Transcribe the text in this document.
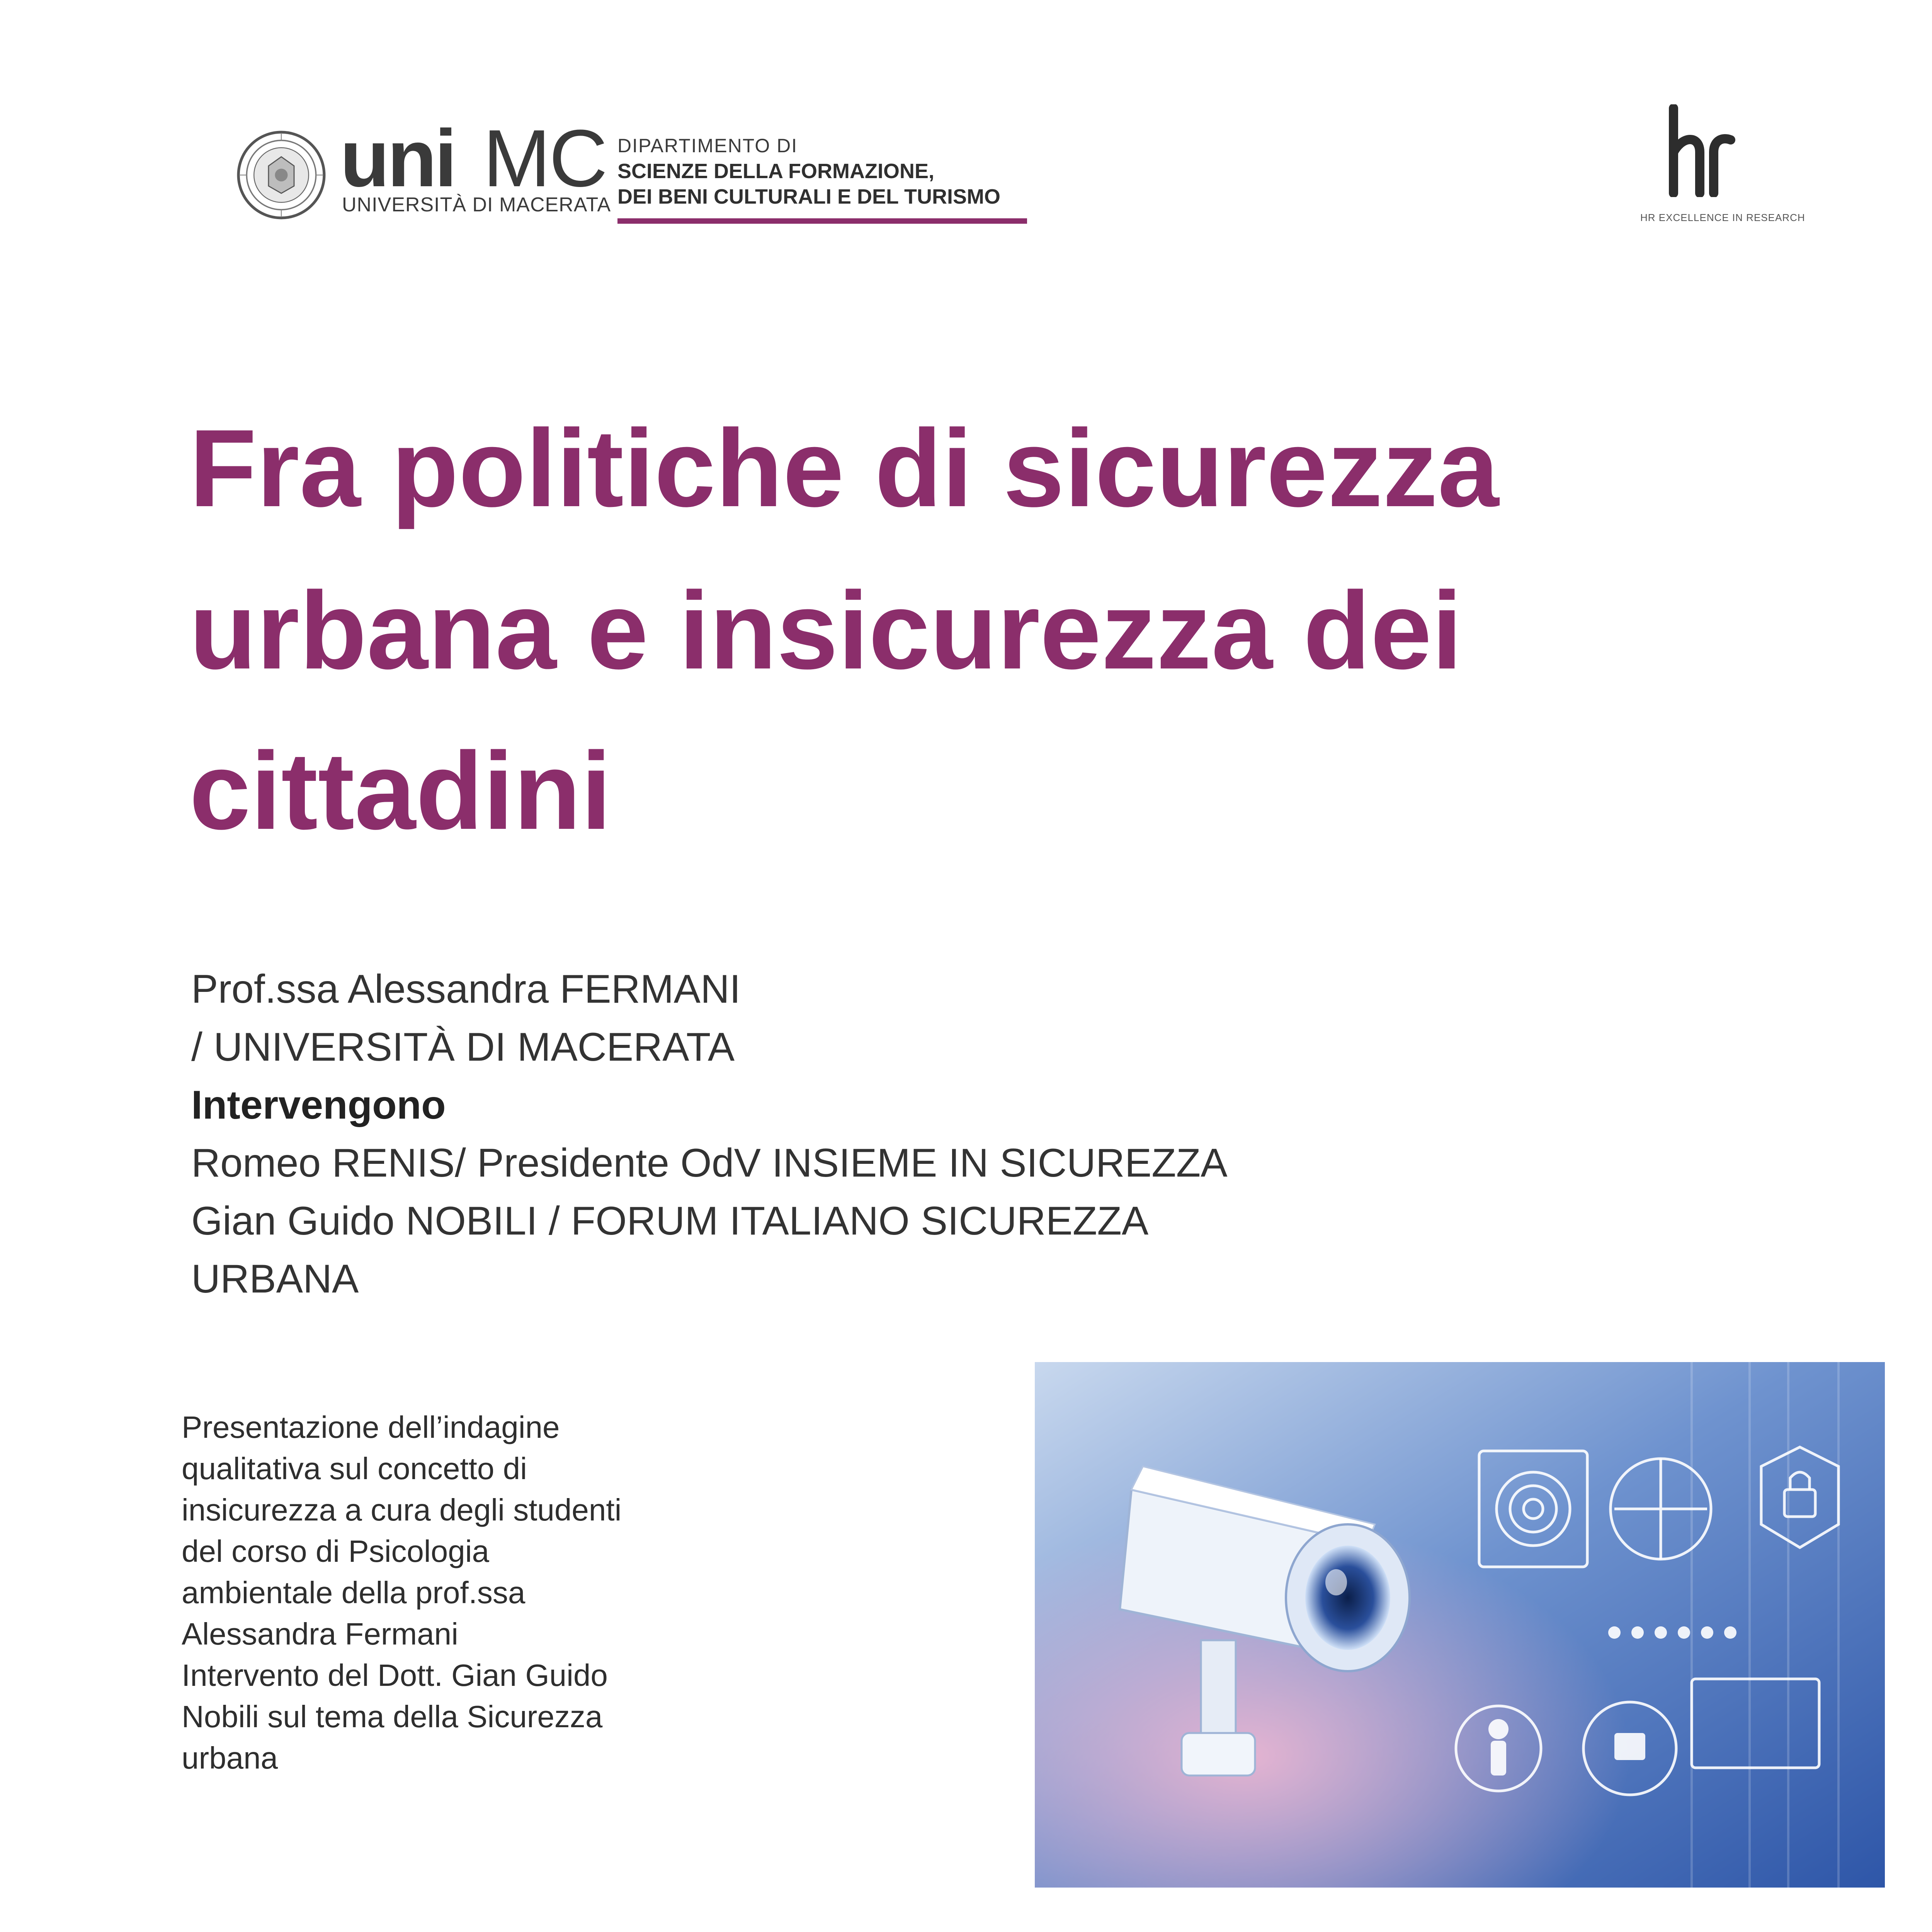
uni MC
UNIVERSITÀ DI MACERATA
DIPARTIMENTO DI
SCIENZE DELLA FORMAZIONE,
DEI BENI CULTURALI E DEL TURISMO
HR EXCELLENCE IN RESEARCH
Fra politiche di sicurezza
urbana e insicurezza dei
cittadini
Prof.ssa Alessandra FERMANI
/ UNIVERSITÀ DI MACERATA
Intervengono
Romeo RENIS/ Presidente OdV INSIEME IN SICUREZZA
Gian Guido NOBILI / FORUM ITALIANO SICUREZZA
URBANA
Presentazione dell’indagine
qualitativa sul concetto di
insicurezza a cura degli studenti
del corso di Psicologia
ambientale della prof.ssa
Alessandra Fermani
Intervento del Dott. Gian Guido
Nobili sul tema della Sicurezza
urbana
